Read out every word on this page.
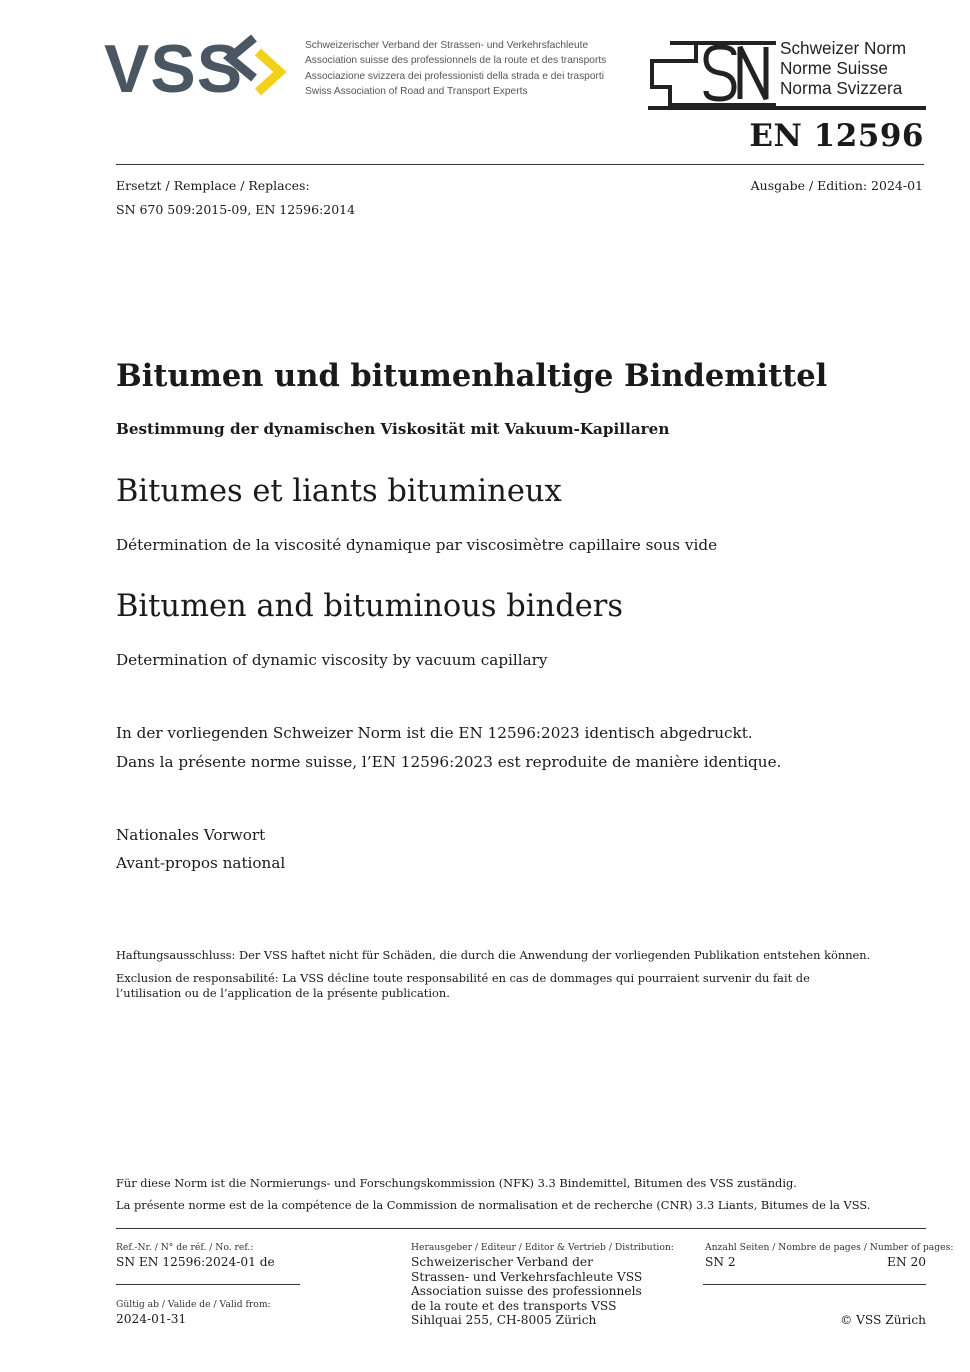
VSS	Schweizerischer Verband der Strassen- und Verkehrsfachleute
Association suisse des professionnels de la route et des transports
Associazione svizzera dei professionisti della strada e dei trasporti
Swiss Association of Road and Transport Experts
Schweizer Norm
Norme Suisse
Norma Svizzera
EN 12596
Ersetzt / Remplace / Replaces:
SN 670 509:2015-09, EN 12596:2014
Ausgabe / Edition: 2024-01
Bitumen und bitumenhaltige Bindemittel
Bestimmung der dynamischen Viskosität mit Vakuum-Kapillaren
Bitumes et liants bitumineux
Détermination de la viscosité dynamique par viscosimètre capillaire sous vide
Bitumen and bituminous binders
Determination of dynamic viscosity by vacuum capillary
In der vorliegenden Schweizer Norm ist die EN 12596:2023 identisch abgedruckt.
Dans la présente norme suisse, l’EN 12596:2023 est reproduite de manière identique.
Nationales Vorwort
Avant-propos national
Haftungsausschluss: Der VSS haftet nicht für Schäden, die durch die Anwendung der vorliegenden Publikation entstehen können.
Exclusion de responsabilité: La VSS décline toute responsabilité en cas de dommages qui pourraient survenir du fait de l’utilisation ou de l’application de la présente publication.
Für diese Norm ist die Normierungs- und Forschungskommission (NFK) 3.3 Bindemittel, Bitumen des VSS zuständig.
La présente norme est de la compétence de la Commission de normalisation et de recherche (CNR) 3.3 Liants, Bitumes de la VSS.
Ref.-Nr. / N° de réf. / No. ref.:
SN EN 12596:2024-01 de
Gültig ab / Valide de / Valid from:
2024-01-31
Herausgeber / Editeur / Editor & Vertrieb / Distribution:
Schweizerischer Verband der
Strassen- und Verkehrsfachleute VSS
Association suisse des professionnels
de la route et des transports VSS
Sihlquai 255, CH-8005 Zürich
Anzahl Seiten / Nombre de pages / Number of pages:
SN 2	EN 20
© VSS Zürich
